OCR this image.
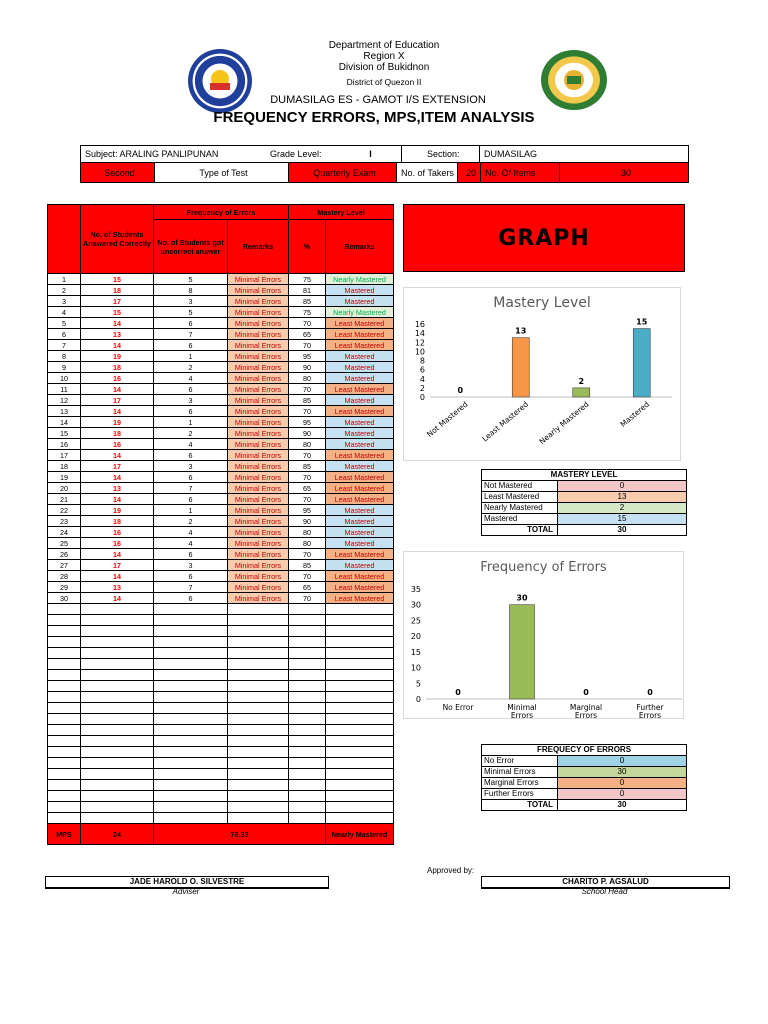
Department of Education
Region X
Division of Bukidnon
District of Quezon II
DUMASILAG ES - GAMOT I/S EXTENSION
FREQUENCY ERRORS, MPS,ITEM ANALYSIS
Subject: ARALING PANLIPUNAN	Grade Level:	I	Section:	DUMASILAG
Second	Type of Test	Quarterly Exam	No. of Takers	20	No. Of Items	30
	No. of Students Answered Correctly	Frequency of Errors		Mastery Level	
		No. of Students got uncorrect answer	Remarks	%	Remarks
1	15	5	Minimal Errors	75	Nearly Mastered
2	18	8	Minimal Errors	81	Mastered
3	17	3	Minimal Errors	85	Mastered
4	15	5	Minimal Errors	75	Nearly Mastered
5	14	6	Minimal Errors	70	Least Mastered
6	13	7	Minimal Errors	65	Least Mastered
7	14	6	Minimal Errors	70	Least Mastered
8	19	1	Minimal Errors	95	Mastered
9	18	2	Minimal Errors	90	Mastered
10	16	4	Minimal Errors	80	Mastered
11	14	6	Minimal Errors	70	Least Mastered
12	17	3	Minimal Errors	85	Mastered
13	14	6	Minimal Errors	70	Least Mastered
14	19	1	Minimal Errors	95	Mastered
15	18	2	Minimal Errors	90	Mastered
16	16	4	Minimal Errors	80	Mastered
17	14	6	Minimal Errors	70	Least Mastered
18	17	3	Minimal Errors	85	Mastered
19	14	6	Minimal Errors	70	Least Mastered
20	13	7	Minimal Errors	65	Least Mastered
21	14	6	Minimal Errors	70	Least Mastered
22	19	1	Minimal Errors	95	Mastered
23	18	2	Minimal Errors	90	Mastered
24	16	4	Minimal Errors	80	Mastered
25	16	4	Minimal Errors	80	Mastered
26	14	6	Minimal Errors	70	Least Mastered
27	17	3	Minimal Errors	85	Mastered
28	14	6	Minimal Errors	70	Least Mastered
29	13	7	Minimal Errors	65	Least Mastered
30	14	6	Minimal Errors	70	Least Mastered

MPS	24	78.33			Nearly Mastered
GRAPH
Mastery Level
0
2
4
6
8
10
12
14
16
0
Not Mastered
13
Least Mastered
2
Nearly Mastered
15
Mastered
MASTERY LEVEL	
Not Mastered	0
Least Mastered	13
Nearly Mastered	2
Mastered	15
TOTAL	30
Frequency of Errors
0
5
10
15
20
25
30
35
0
No Error
30
Minimal
Errors
0
Marginal
Errors
0
Further
Errors
FREQUECY OF ERRORS	
No Error	0
Minimal Errors	30
Marginal Errors	0
Further Errors	0
TOTAL	30
Approved by:
JADE HAROLD O. SILVESTRE
Adviser
CHARITO P. AGSALUD
School Head
